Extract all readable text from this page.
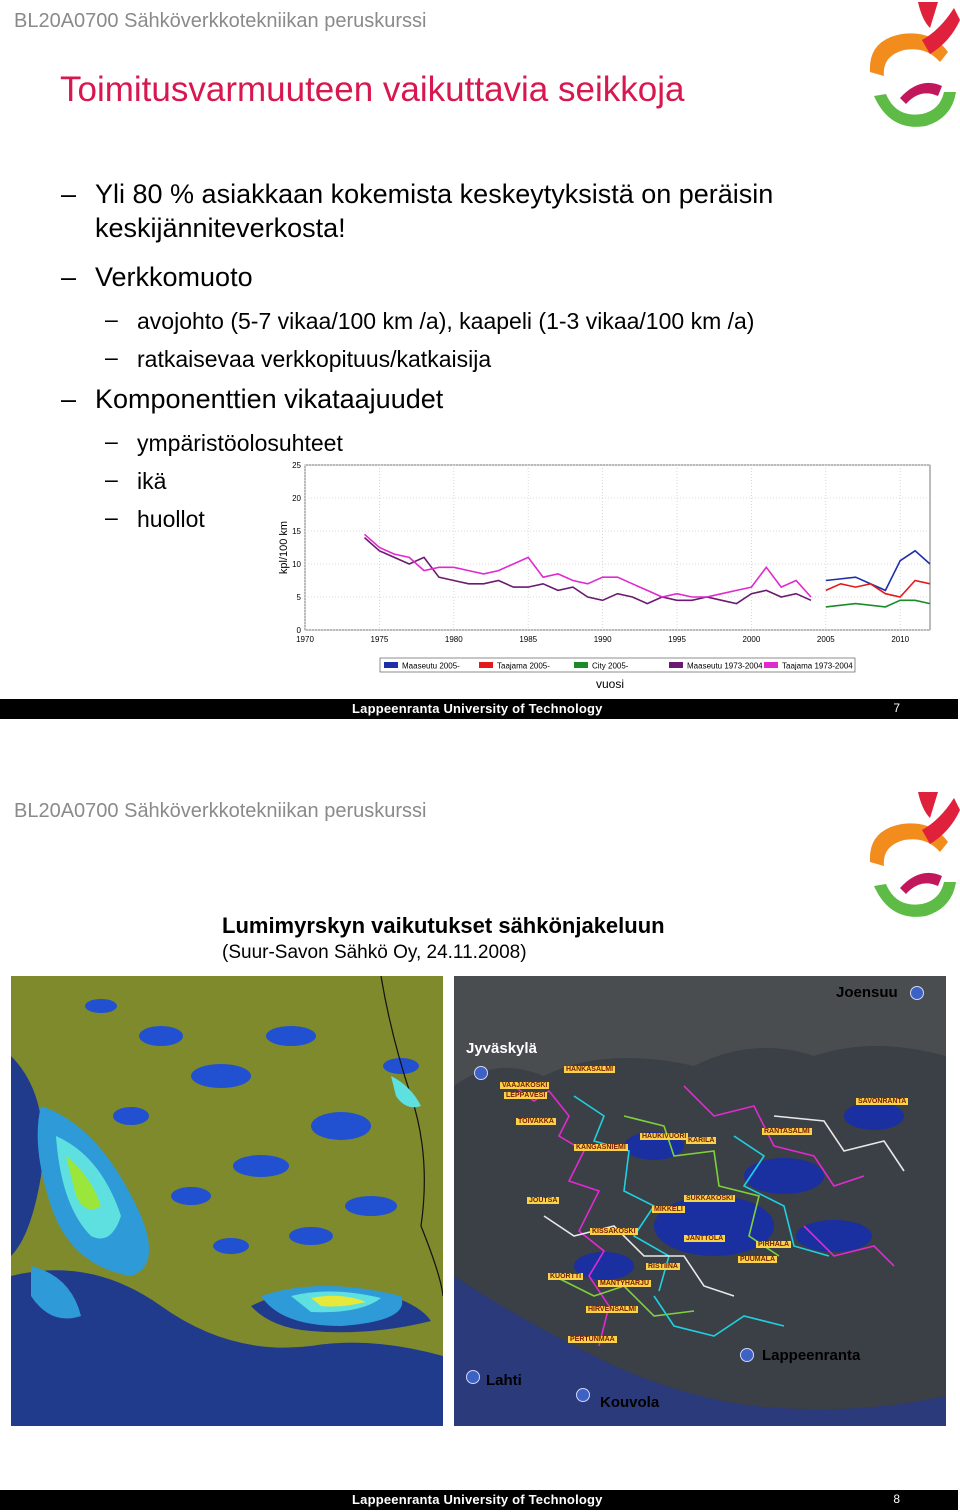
BL20A0700 Sähköverkkotekniikan peruskurssi
Toimitusvarmuuteen vaikuttavia seikkoja
– Yli 80 % asiakkaan kokemista keskeytyksistä on peräisin
keskijänniteverkosta!
– Verkkomuoto
– avojohto (5-7 vikaa/100 km /a), kaapeli (1-3 vikaa/100 km /a)
– ratkaisevaa verkkopituus/katkaisija
– Komponenttien vikataajuudet
– ympäristöolosuhteet
– ikä
– huollot
0
5
10
15
20
25
1970	1975	1980	1985	1990	1995	2000	2005	2010
kpl/100 km
vuosi
Maaseutu 2005-	Taajama 2005-	City 2005-	Maaseutu 1973-2004 Taajama 1973-2004
Lappeenranta University of Technology	7
BL20A0700 Sähköverkkotekniikan peruskurssi
Lappeenranta University of Technology	8
Lumimyrskyn vaikutukset sähkönjakeluun
(Suur-Savon Sähkö Oy, 24.11.2008)
HANKASALMI
VAAJAKOSKI
LEPPÄVESI
TOIVAKKA
KANGASNIEMI
HAUKIVUORI
KARILA
RANTASALMI
SAVONRANTA
JOUTSA	SUKKAKOSKI
KISSAKOSKI
JANTTOLA
PIRHALA
KUORTTI
MIKKELI
RISTIINA
HIRVENSALMI
PUUMALA
MÄNTYHARJU
PERTUNMAA
Joensuu
Jyväskylä
Lahti
Kouvola
Lappeenranta
